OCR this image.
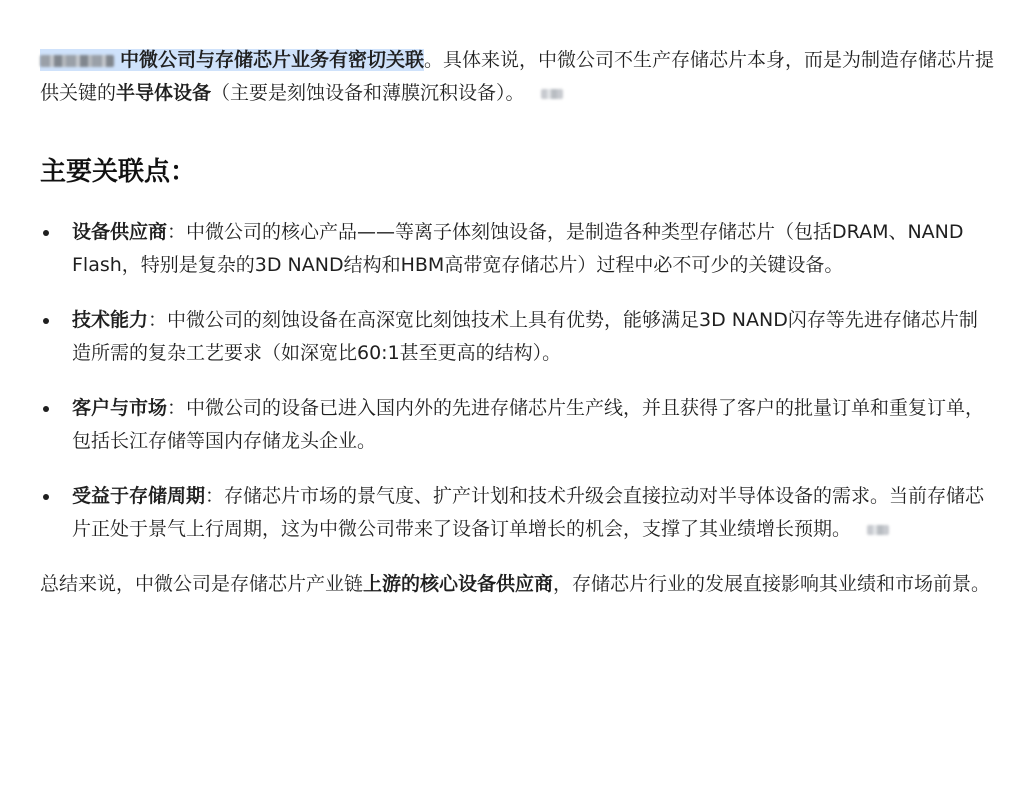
中微公司与存储芯片业务有密切关联。具体来说，中微公司不生产存储芯片本身，而是为制造存储芯片提供关键的半导体设备（主要是刻蚀设备和薄膜沉积设备）。

主要关联点：
设备供应商：中微公司的核心产品——等离子体刻蚀设备，是制造各种类型存储芯片（包括DRAM、NAND Flash，特别是复杂的3D NAND结构和HBM高带宽存储芯片）过程中必不可少的关键设备。
技术能力：中微公司的刻蚀设备在高深宽比刻蚀技术上具有优势，能够满足3D NAND闪存等先进存储芯片制造所需的复杂工艺要求（如深宽比60:1甚至更高的结构）。
客户与市场：中微公司的设备已进入国内外的先进存储芯片生产线，并且获得了客户的批量订单和重复订单，包括长江存储等国内存储龙头企业。
受益于存储周期：存储芯片市场的景气度、扩产计划和技术升级会直接拉动对半导体设备的需求。当前存储芯片正处于景气上行周期，这为中微公司带来了设备订单增长的机会，支撑了其业绩增长预期。

总结来说，中微公司是存储芯片产业链上游的核心设备供应商，存储芯片行业的发展直接影响其业绩和市场前景。
